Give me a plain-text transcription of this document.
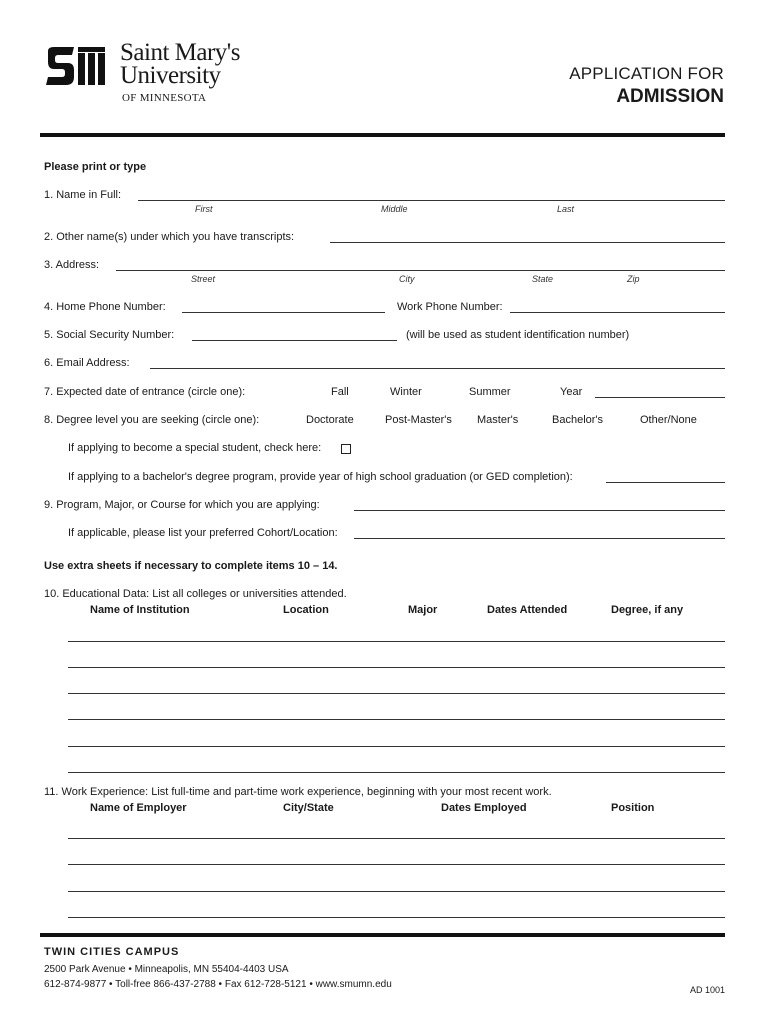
Saint Mary's
University
OF MINNESOTA
APPLICATION FOR
ADMISSION
Please print or type
1. Name in Full:
First	Middle	Last
2. Other name(s) under which you have transcripts:
3. Address:
Street	City	State	Zip
4. Home Phone Number:	Work Phone Number:
5. Social Security Number:	(will be used as student identification number)
6. Email Address:
7. Expected date of entrance (circle one):	Fall	Winter	Summer	Year
8. Degree level you are seeking (circle one):	Doctorate	Post-Master's Master's	Bachelor's	Other/None
If applying to become a special student, check here:
If applying to a bachelor's degree program, provide year of high school graduation (or GED completion):
9. Program, Major, or Course for which you are applying:
If applicable, please list your preferred Cohort/Location:
Use extra sheets if necessary to complete items 10 – 14.
10. Educational Data: List all colleges or universities attended.
Name of Institution	Location	Major	Dates Attended	Degree, if any
11. Work Experience: List full-time and part-time work experience, beginning with your most recent work.
Name of Employer	City/State	Dates Employed	Position
TWIN CITIES CAMPUS
2500 Park Avenue • Minneapolis, MN 55404-4403 USA
612-874-9877 • Toll-free 866-437-2788 • Fax 612-728-5121 • www.smumn.edu	AD 1001
